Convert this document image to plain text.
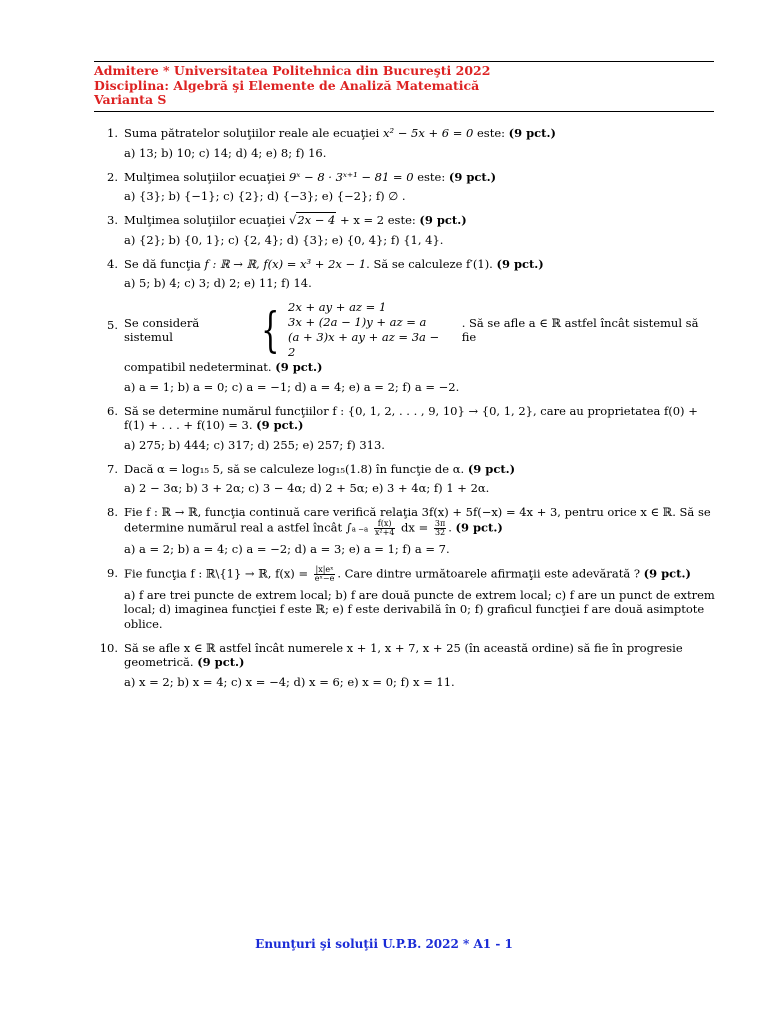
Admitere * Universitatea Politehnica din Bucureşti 2022
Disciplina: Algebră şi Elemente de Analiză Matematică
Varianta S
1. Suma pătratelor soluţiilor reale ale ecuaţiei x² − 5x + 6 = 0 este: (9 pct.)
a) 13; b) 10; c) 14; d) 4; e) 8; f) 16.
2. Mulţimea soluţiilor ecuaţiei 9ˣ − 8 · 3ˣ⁺¹ − 81 = 0 este: (9 pct.)
a) {3}; b) {−1}; c) {2}; d) {−3}; e) {−2}; f) ∅ .
3. Mulţimea soluţiilor ecuaţiei √2x − 4 + x = 2 este: (9 pct.)
a) {2}; b) {0, 1}; c) {2, 4}; d) {3}; e) {0, 4}; f) {1, 4}.
4. Se dă funcţia f : ℝ → ℝ, f(x) = x³ + 2x − 1. Să se calculeze f′(1). (9 pct.)
a) 5; b) 4; c) 3; d) 2; e) 11; f) 14.
5. Se consideră sistemul	{ 2x + ay + az = 1
3x + (2a − 1)y + az = a
(a + 3)x + ay + az = 3a − 2
. Să se afle a ∈ ℝ astfel încât sistemul să fie
compatibil nedeterminat. (9 pct.)
a) a = 1; b) a = 0; c) a = −1; d) a = 4; e) a = 2; f) a = −2.
6. Să se determine numărul funcţiilor f : {0, 1, 2, . . . , 9, 10} → {0, 1, 2}, care au proprietatea f(0) + f(1) + . . . + f(10) = 3. (9 pct.)
a) 275; b) 444; c) 317; d) 255; e) 257; f) 313.
7. Dacă α = log₁₅ 5, să se calculeze log₁₅(1.8) în funcţie de α. (9 pct.)
a) 2 − 3α; b) 3 + 2α; c) 3 − 4α; d) 2 + 5α; e) 3 + 4α; f) 1 + 2α.
8. Fie f : ℝ → ℝ, funcţia continuă care verifică relaţia 3f(x) + 5f(−x) = 4x + 3, pentru orice x ∈ ℝ. Să se determine numărul real a astfel încât $\int a -a \frac{f(x)}{\text{x²+4}}$ dx = $\frac{3\pi}{32}$ . (9 pct.)
a) a = 2; b) a = 4; c) a = −2; d) a = 3; e) a = 1; f) a = 7.
9. Fie funcţia f : ℝ\{1} → ℝ, $f(x) = \frac{\text{|x|eˣ}}{\text{eˣ−e}}$ . Care dintre următoarele afirmaţii este adevărată ? (9 pct.)
a) f are trei puncte de extrem local; b) f are două puncte de extrem local; c) f are un punct de extrem local; d) imaginea funcţiei f este ℝ; e) f este derivabilă în 0; f) graficul funcţiei f are două asimptote oblice.
10. Să se afle x ∈ ℝ astfel încât numerele x + 1, x + 7, x + 25 (în această ordine) să fie în progresie geometrică. (9 pct.)
a) x = 2; b) x = 4; c) x = −4; d) x = 6; e) x = 0; f) x = 11.
Enunţuri şi soluţii U.P.B. 2022 * A1 - 1
